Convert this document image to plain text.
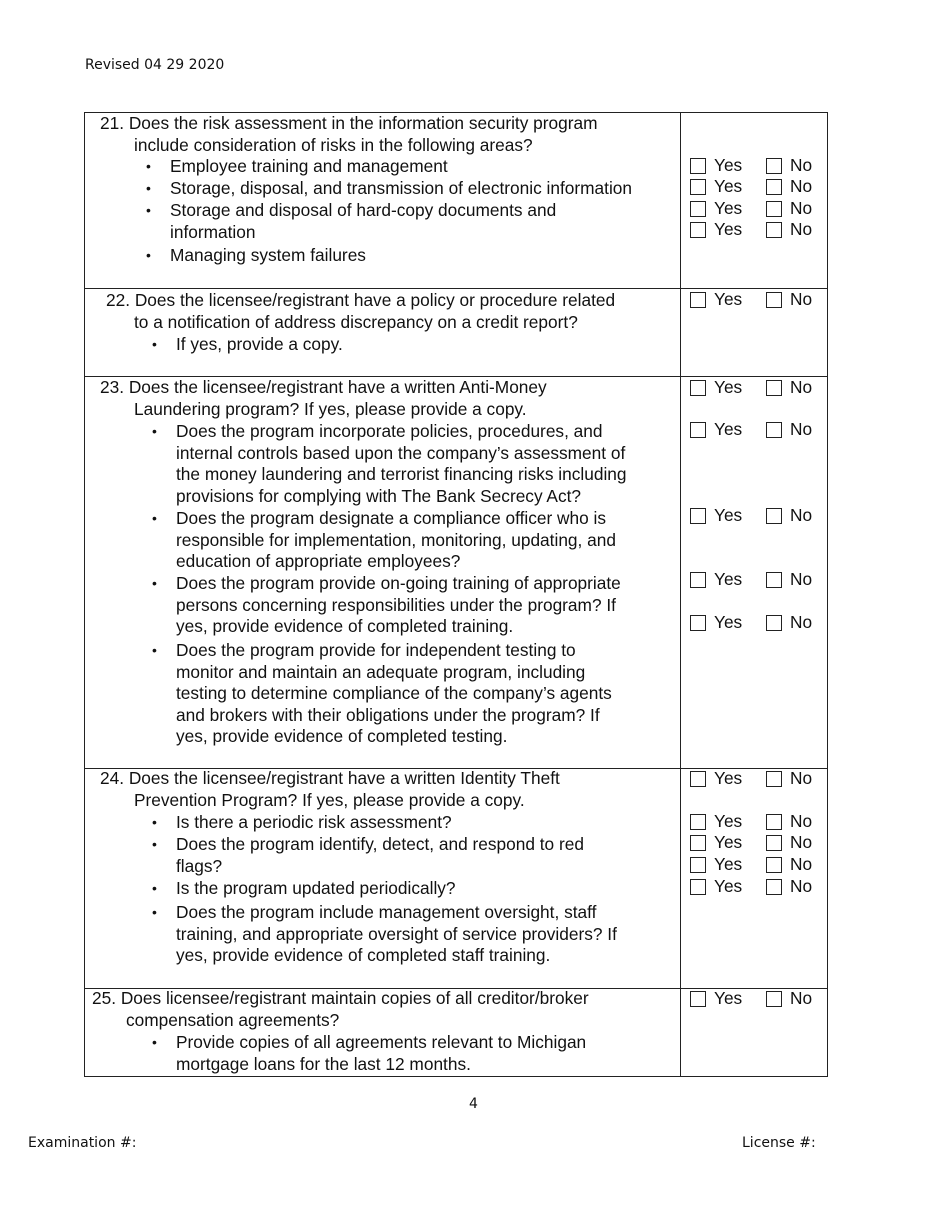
Revised 04 29 2020
21. Does the risk assessment in the information security program
include consideration of risks in the following areas?
• Employee training and management
• Storage, disposal, and transmission of electronic information
• Storage and disposal of hard-copy documents and
information
• Managing system failures
Yes	No
Yes	No
Yes	No
Yes	No
22. Does the licensee/registrant have a policy or procedure related
to a notification of address discrepancy on a credit report?
• If yes, provide a copy.
Yes	No
23. Does the licensee/registrant have a written Anti-Money
Laundering program? If yes, please provide a copy.
• Does the program incorporate policies, procedures, and
internal controls based upon the company’s assessment of
the money laundering and terrorist financing risks including
provisions for complying with The Bank Secrecy Act?
• Does the program designate a compliance officer who is
responsible for implementation, monitoring, updating, and
education of appropriate employees?
• Does the program provide on-going training of appropriate
persons concerning responsibilities under the program? If
yes, provide evidence of completed training.
• Does the program provide for independent testing to
monitor and maintain an adequate program, including
testing to determine compliance of the company’s agents
and brokers with their obligations under the program? If
yes, provide evidence of completed testing.
Yes	No
Yes	No
Yes	No
Yes	No
Yes	No
24. Does the licensee/registrant have a written Identity Theft
Prevention Program? If yes, please provide a copy.
• Is there a periodic risk assessment?
• Does the program identify, detect, and respond to red
flags?
• Is the program updated periodically?
• Does the program include management oversight, staff
training, and appropriate oversight of service providers? If
yes, provide evidence of completed staff training.
Yes	No
Yes	No
Yes	No
Yes	No
Yes	No
25. Does licensee/registrant maintain copies of all creditor/broker
compensation agreements?
• Provide copies of all agreements relevant to Michigan
mortgage loans for the last 12 months.
Yes	No
4
Examination #:	License #:
